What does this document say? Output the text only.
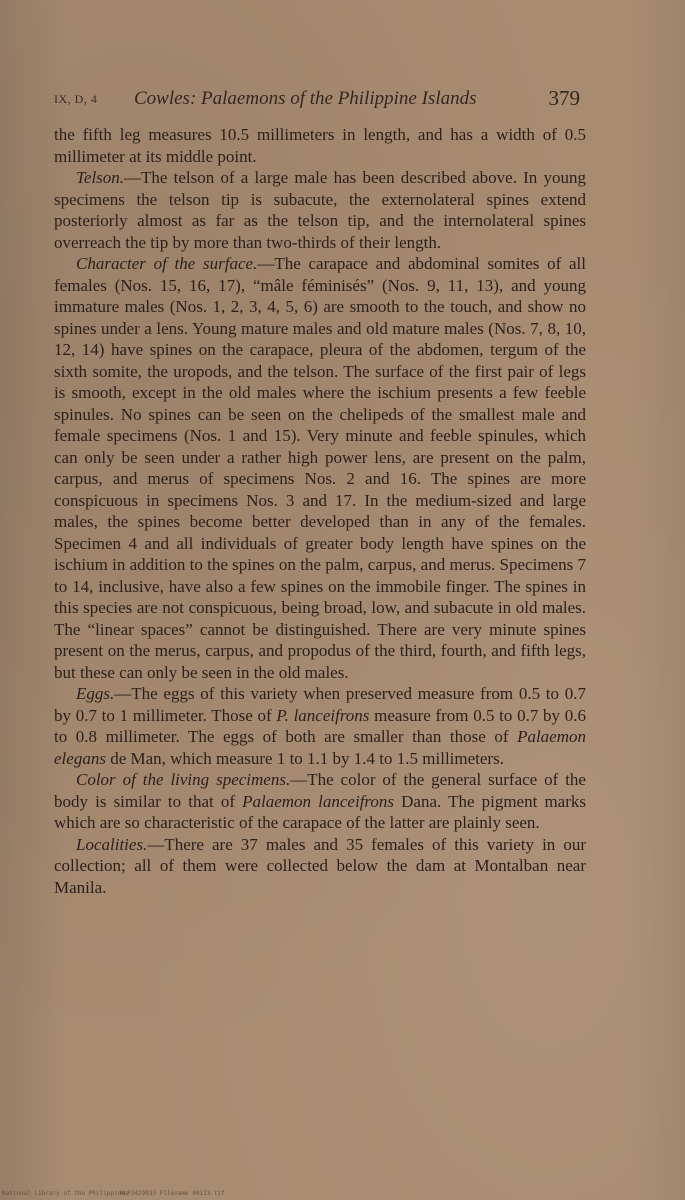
IX, D, 4 Cowles: Palaemons of the Philippine Islands	379

the fifth leg measures 10.5 millimeters in length, and has a width of 0.5 millimeter at its middle point.

Telson.—The telson of a large male has been described above. In young specimens the telson tip is subacute, the externolateral spines extend posteriorly almost as far as the telson tip, and the internolateral spines overreach the tip by more than two-thirds of their length.

Character of the surface.—The carapace and abdominal somites of all females (Nos. 15, 16, 17), “mâle féminisés” (Nos. 9, 11, 13), and young immature males (Nos. 1, 2, 3, 4, 5, 6) are smooth to the touch, and show no spines under a lens. Young mature males and old mature males (Nos. 7, 8, 10, 12, 14) have spines on the carapace, pleura of the abdomen, tergum of the sixth somite, the uropods, and the telson. The surface of the first pair of legs is smooth, except in the old males where the ischium presents a few feeble spinules. No spines can be seen on the chelipeds of the smallest male and female specimens (Nos. 1 and 15). Very minute and feeble spinules, which can only be seen under a rather high power lens, are present on the palm, carpus, and merus of specimens Nos. 2 and 16. The spines are more conspicuous in specimens Nos. 3 and 17. In the medium-sized and large males, the spines become better developed than in any of the females. Specimen 4 and all individuals of greater body length have spines on the ischium in addition to the spines on the palm, carpus, and merus. Specimens 7 to 14, inclusive, have also a few spines on the immobile finger. The spines in this species are not conspicuous, being broad, low, and subacute in old males. The “linear spaces” cannot be distinguished. There are very minute spines present on the merus, carpus, and propodus of the third, fourth, and fifth legs, but these can only be seen in the old males.

Eggs.—The eggs of this variety when preserved measure from 0.5 to 0.7 by 0.7 to 1 millimeter. Those of P. lanceifrons measure from 0.5 to 0.7 by 0.6 to 0.8 millimeter. The eggs of both are smaller than those of Palaemon elegans de Man, which measure 1 to 1.1 by 1.4 to 1.5 millimeters.

Color of the living specimens.—The color of the general surface of the body is similar to that of Palaemon lanceifrons Dana. The pigment marks which are so characteristic of the carapace of the latter are plainly seen.

Localities.—There are 37 males and 35 females of this variety in our collection; all of them were collected below the dam at Montalban near Manila.

National Library of the Philippines
NLP3429833 Filename 00123.tif
